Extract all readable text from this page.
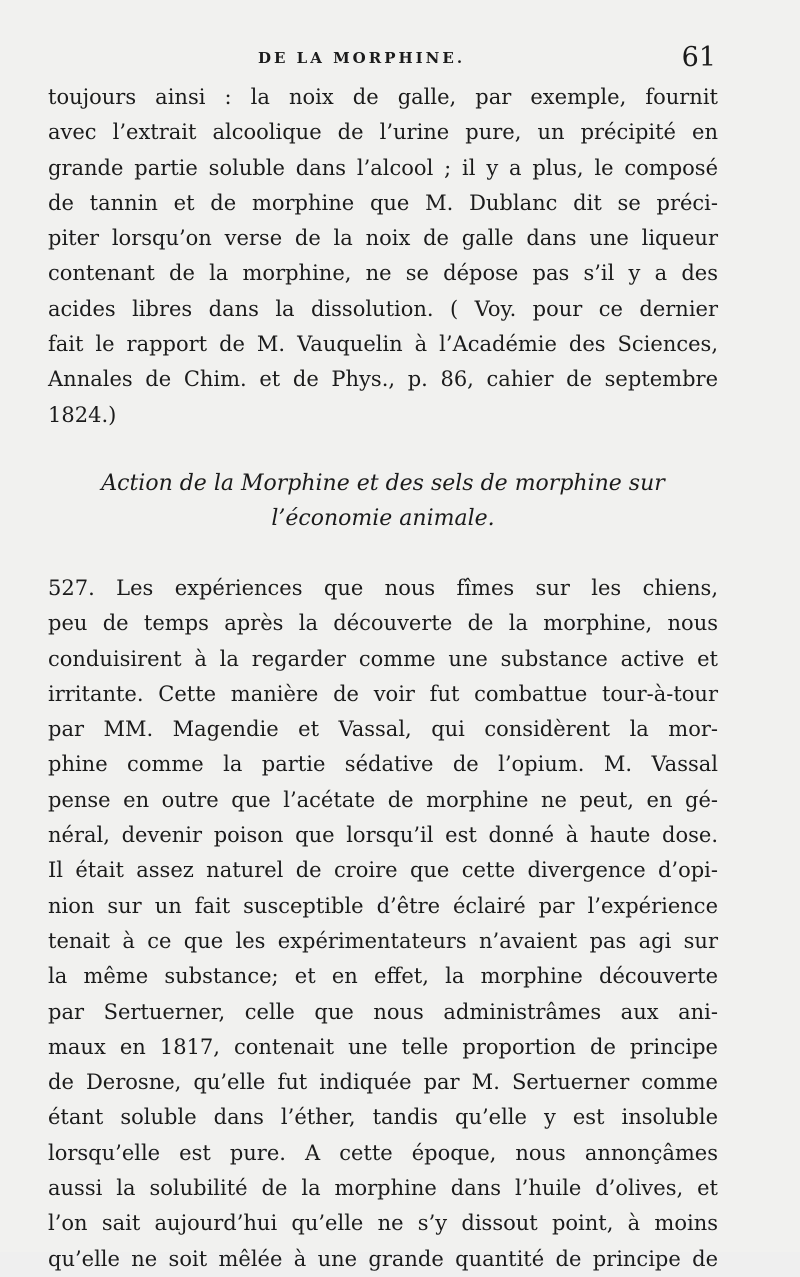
DE LA MORPHINE.	61

toujours ainsi : la noix de galle, par exemple, fournit
avec l’extrait alcoolique de l’urine pure, un précipité en
grande partie soluble dans l’alcool ; il y a plus, le composé
de tannin et de morphine que M. Dublanc dit se préci-
piter lorsqu’on verse de la noix de galle dans une liqueur
contenant de la morphine, ne se dépose pas s’il y a des
acides libres dans la dissolution. ( Voy. pour ce dernier
fait le rapport de M. Vauquelin à l’Académie des Sciences,
Annales de Chim. et de Phys., p. 86, cahier de septembre
1824.)

Action de la Morphine et des sels de morphine sur
l’économie animale.

527. Les expériences que nous fîmes sur les chiens,
peu de temps après la découverte de la morphine, nous
conduisirent à la regarder comme une substance active et
irritante. Cette manière de voir fut combattue tour-à-tour
par MM. Magendie et Vassal, qui considèrent la mor-
phine comme la partie sédative de l’opium. M. Vassal
pense en outre que l’acétate de morphine ne peut, en gé-
néral, devenir poison que lorsqu’il est donné à haute dose.
Il était assez naturel de croire que cette divergence d’opi-
nion sur un fait susceptible d’être éclairé par l’expérience
tenait à ce que les expérimentateurs n’avaient pas agi sur
la même substance; et en effet, la morphine découverte
par Sertuerner, celle que nous administrâmes aux ani-
maux en 1817, contenait une telle proportion de principe
de Derosne, qu’elle fut indiquée par M. Sertuerner comme
étant soluble dans l’éther, tandis qu’elle y est insoluble
lorsqu’elle est pure. A cette époque, nous annonçâmes
aussi la solubilité de la morphine dans l’huile d’olives, et
l’on sait aujourd’hui qu’elle ne s’y dissout point, à moins
qu’elle ne soit mêlée à une grande quantité de principe de
